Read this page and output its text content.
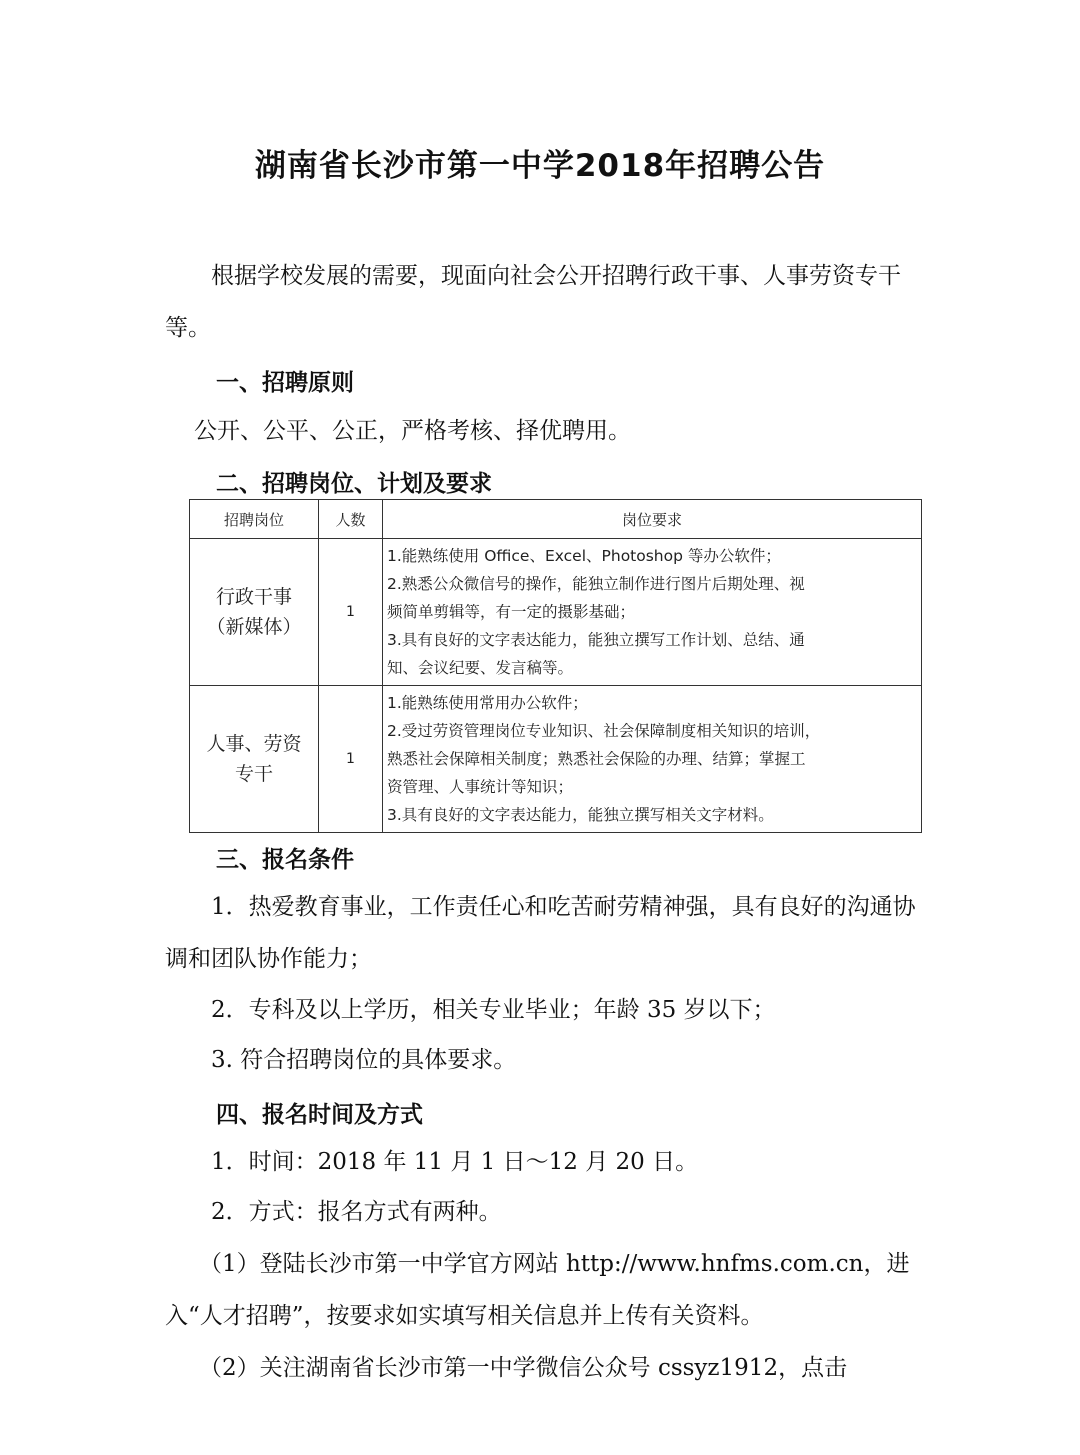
湖南省长沙市第一中学2018年招聘公告

根据学校发展的需要，现面向社会公开招聘行政干事、人事劳资专干等。

一、招聘原则

公开、公平、公正，严格考核、择优聘用。

二、招聘岗位、计划及要求
招聘岗位	人数	岗位要求

行政干事
（新媒体）	1	1.能熟练使用 Office、Excel、Photoshop 等办公软件；
2.熟悉公众微信号的操作，能独立制作进行图片后期处理、视
频简单剪辑等，有一定的摄影基础；
3.具有良好的文字表达能力，能独立撰写工作计划、总结、通
知、会议纪要、发言稿等。

人事、劳资
专干	1	1.能熟练使用常用办公软件；
2.受过劳资管理岗位专业知识、社会保障制度相关知识的培训，
熟悉社会保障相关制度；熟悉社会保险的办理、结算；掌握工
资管理、人事统计等知识；
3.具有良好的文字表达能力，能独立撰写相关文字材料。
三、报名条件

1．热爱教育事业，工作责任心和吃苦耐劳精神强，具有良好的沟通协调和团队协作能力；

2．专科及以上学历，相关专业毕业；年龄 35 岁以下；

3. 符合招聘岗位的具体要求。

四、报名时间及方式

1．时间：2018 年 11 月 1 日～12 月 20 日。

2．方式：报名方式有两种。

（1）登陆长沙市第一中学官方网站 http://www.hnfms.com.cn，进入“人才招聘”，按要求如实填写相关信息并上传有关资料。

（2）关注湖南省长沙市第一中学微信公众号 cssyz1912，点击
